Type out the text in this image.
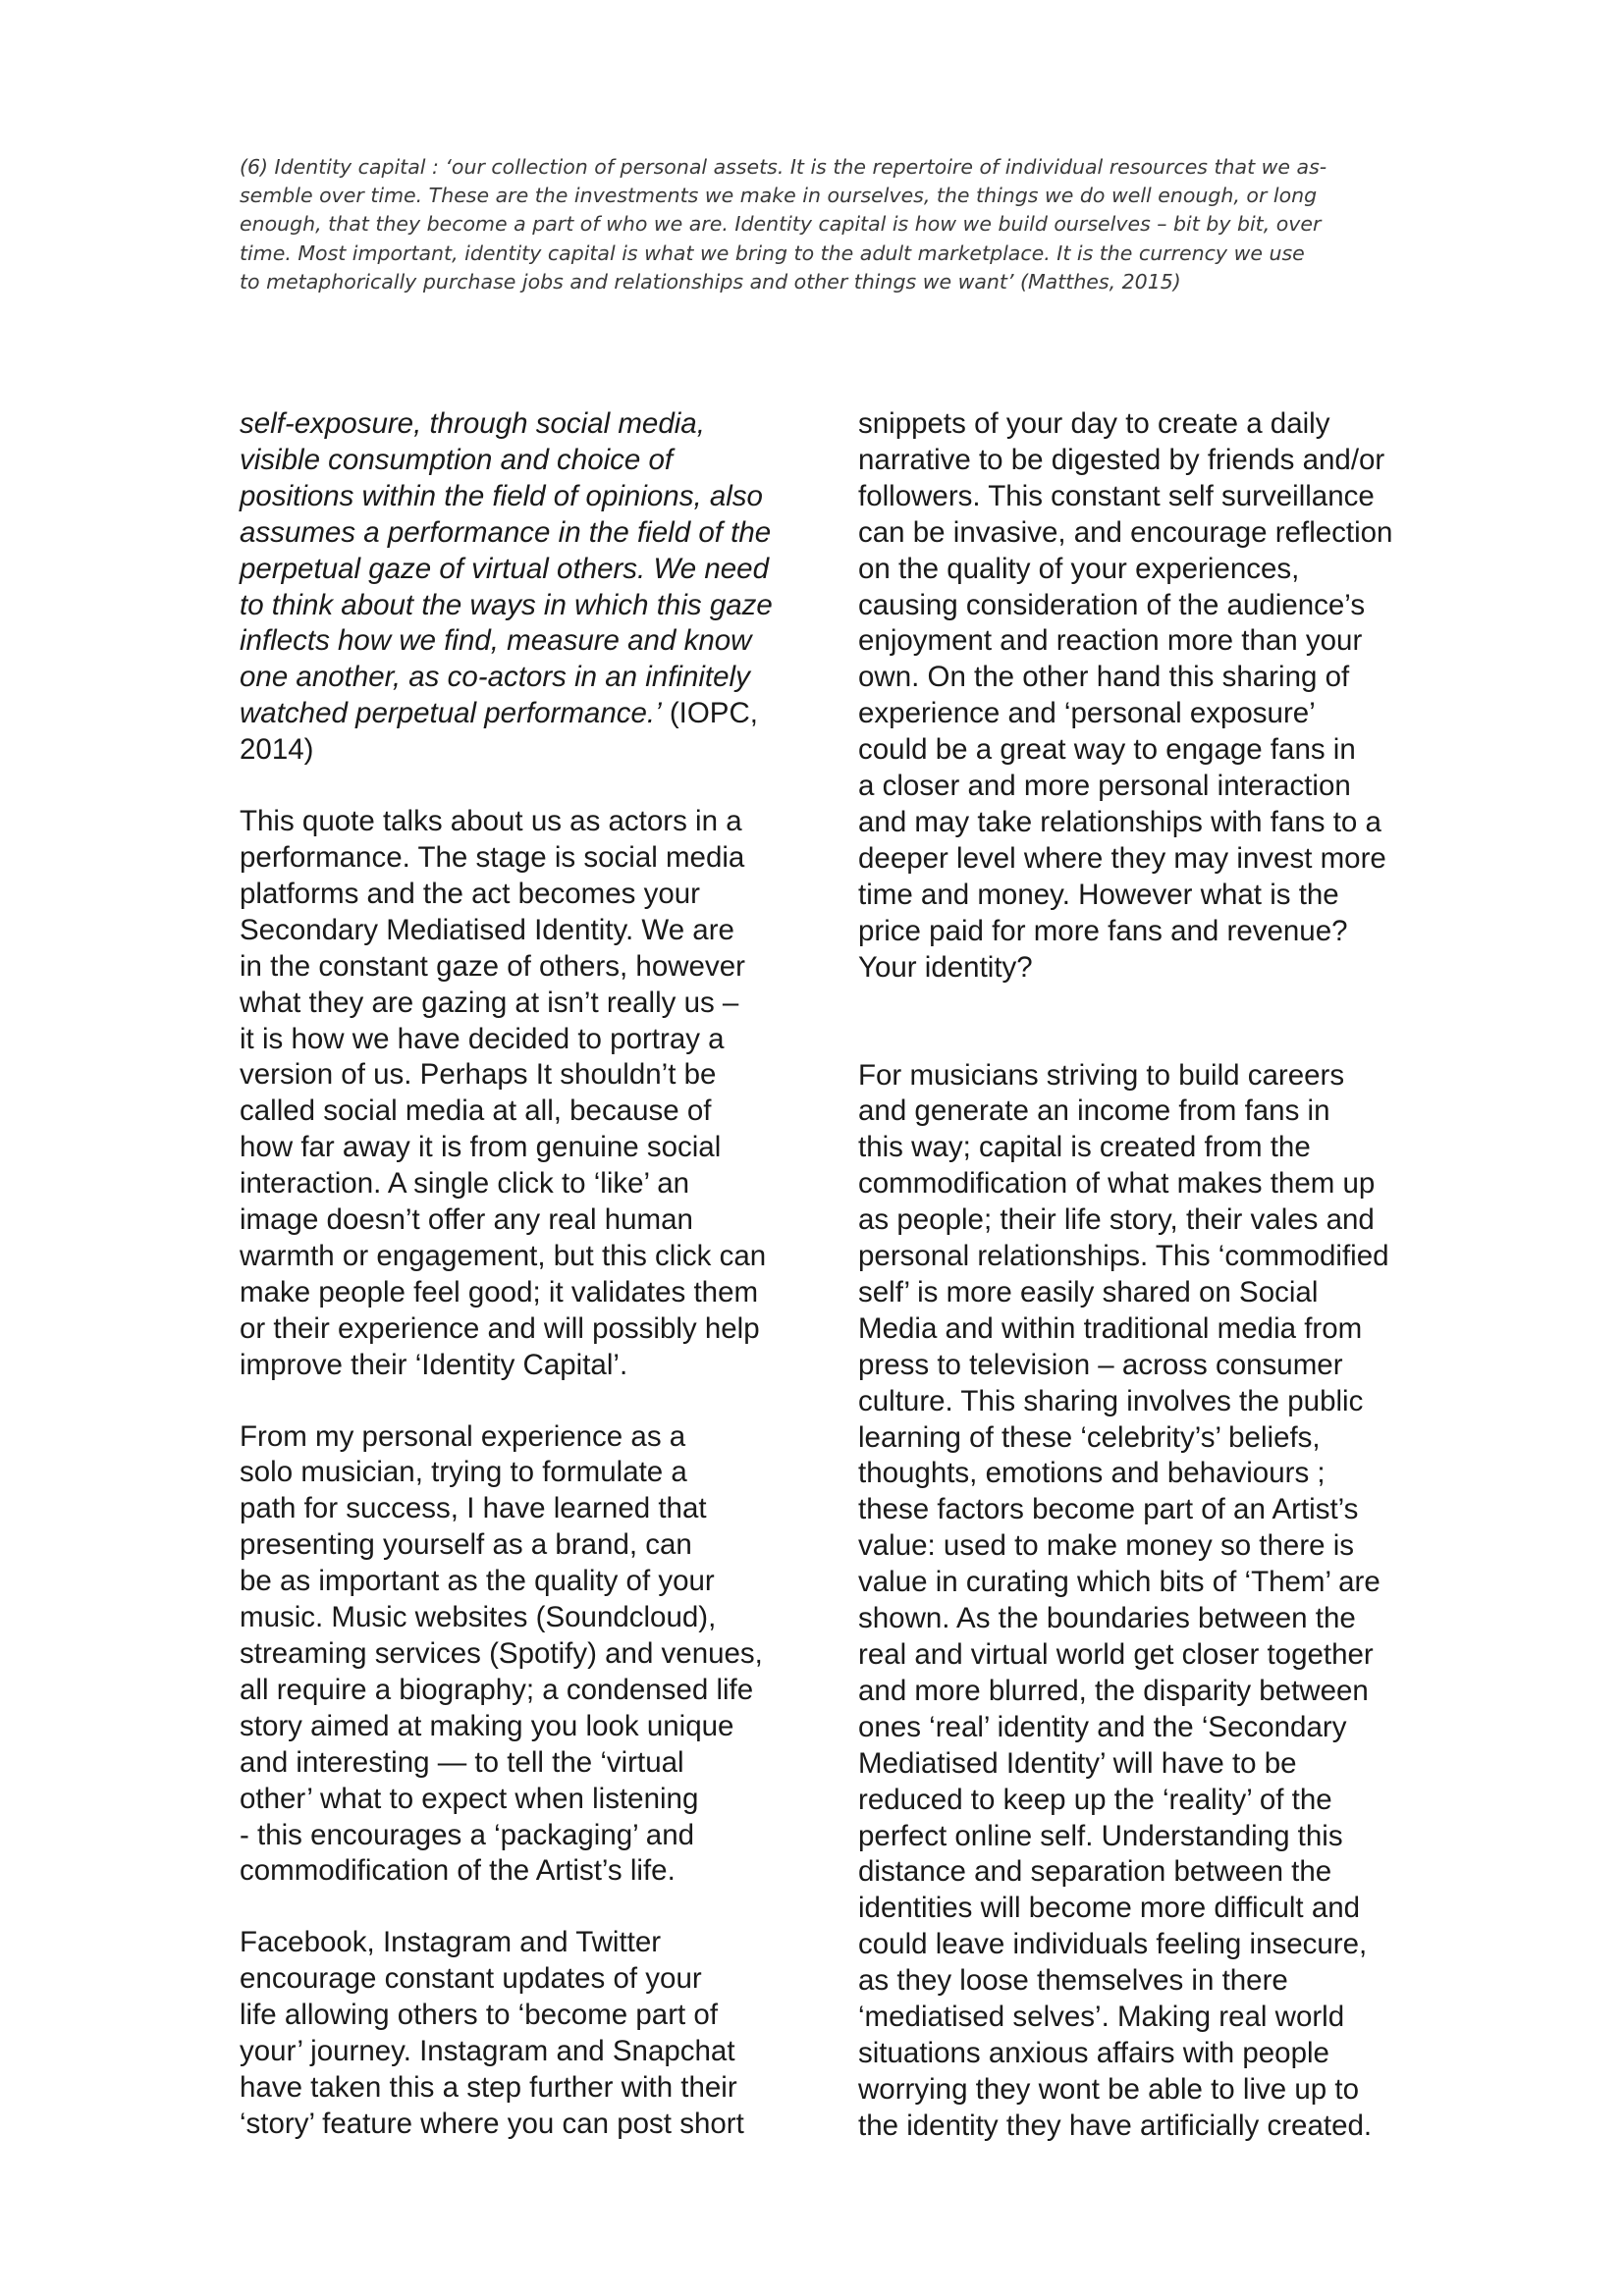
(6) Identity capital : ‘our collection of personal assets. It is the repertoire of individual resources that we as-
semble over time. These are the investments we make in ourselves, the things we do well enough, or long
enough, that they become a part of who we are. Identity capital is how we build ourselves – bit by bit, over
time. Most important, identity capital is what we bring to the adult marketplace. It is the currency we use
to metaphorically purchase jobs and relationships and other things we want’ (Matthes, 2015)

self-exposure, through social media,
visible consumption and choice of
positions within the field of opinions, also
assumes a performance in the field of the
perpetual gaze of virtual others. We need
to think about the ways in which this gaze
inflects how we find, measure and know
one another, as co-actors in an infinitely
watched perpetual performance.’ (IOPC,
2014)

This quote talks about us as actors in a
performance. The stage is social media
platforms and the act becomes your
Secondary Mediatised Identity. We are
in the constant gaze of others, however
what they are gazing at isn’t really us –
it is how we have decided to portray a
version of us. Perhaps It shouldn’t be
called social media at all, because of
how far away it is from genuine social
interaction. A single click to ‘like’ an
image doesn’t offer any real human
warmth or engagement, but this click can
make people feel good; it validates them
or their experience and will possibly help
improve their ‘Identity Capital’.

From my personal experience as a
solo musician, trying to formulate a
path for success, I have learned that
presenting yourself as a brand, can
be as important as the quality of your
music. Music websites (Soundcloud),
streaming services (Spotify) and venues,
all require a biography; a condensed life
story aimed at making you look unique
and interesting — to tell the ‘virtual
other’ what to expect when listening
- this encourages a ‘packaging’ and
commodification of the Artist’s life.

Facebook, Instagram and Twitter
encourage constant updates of your
life allowing others to ‘become part of
your’ journey. Instagram and Snapchat
have taken this a step further with their
‘story’ feature where you can post short

snippets of your day to create a daily
narrative to be digested by friends and/or
followers. This constant self surveillance
can be invasive, and encourage reflection
on the quality of your experiences,
causing consideration of the audience’s
enjoyment and reaction more than your
own. On the other hand this sharing of
experience and ‘personal exposure’
could be a great way to engage fans in
a closer and more personal interaction
and may take relationships with fans to a
deeper level where they may invest more
time and money. However what is the
price paid for more fans and revenue?
Your identity?

For musicians striving to build careers
and generate an income from fans in
this way; capital is created from the
commodification of what makes them up
as people; their life story, their vales and
personal relationships. This ‘commodified
self’ is more easily shared on Social
Media and within traditional media from
press to television – across consumer
culture. This sharing involves the public
learning of these ‘celebrity’s’ beliefs,
thoughts, emotions and behaviours ;
these factors become part of an Artist’s
value: used to make money so there is
value in curating which bits of ‘Them’ are
shown. As the boundaries between the
real and virtual world get closer together
and more blurred, the disparity between
ones ‘real’ identity and the ‘Secondary
Mediatised Identity’ will have to be
reduced to keep up the ‘reality’ of the
perfect online self. Understanding this
distance and separation between the
identities will become more difficult and
could leave individuals feeling insecure,
as they loose themselves in there
‘mediatised selves’. Making real world
situations anxious affairs with people
worrying they wont be able to live up to
the identity they have artificially created.
